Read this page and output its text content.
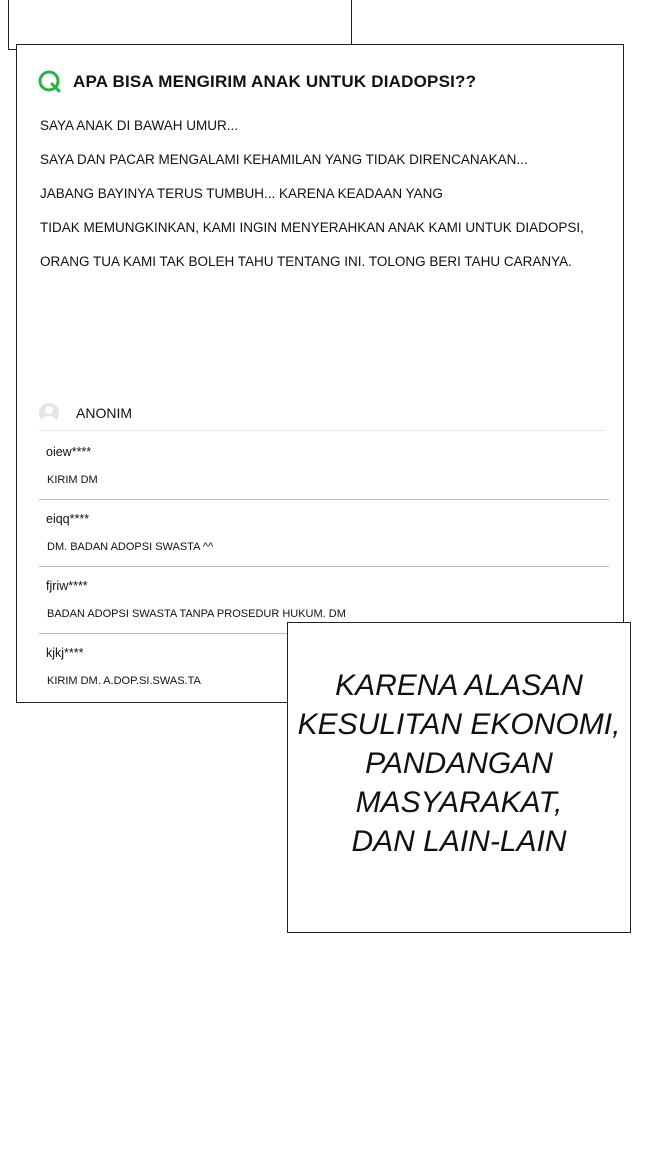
APA BISA MENGIRIM ANAK UNTUK DIADOPSI??
SAYA ANAK DI BAWAH UMUR...
SAYA DAN PACAR MENGALAMI KEHAMILAN YANG TIDAK DIRENCANAKAN...
JABANG BAYINYA TERUS TUMBUH... KARENA KEADAAN YANG
TIDAK MEMUNGKINKAN, KAMI INGIN MENYERAHKAN ANAK KAMI UNTUK DIADOPSI,
ORANG TUA KAMI TAK BOLEH TAHU TENTANG INI. TOLONG BERI TAHU CARANYA.
ANONIM
oiew****
KIRIM DM
eiqq****
DM. BADAN ADOPSI SWASTA ^^
fjriw****
BADAN ADOPSI SWASTA TANPA PROSEDUR HUKUM. DM
kjkj****
KIRIM DM. A.DOP.SI.SWAS.TA	KARENA ALASAN
KESULITAN EKONOMI,
PANDANGAN
MASYARAKAT,
DAN LAIN-LAIN
